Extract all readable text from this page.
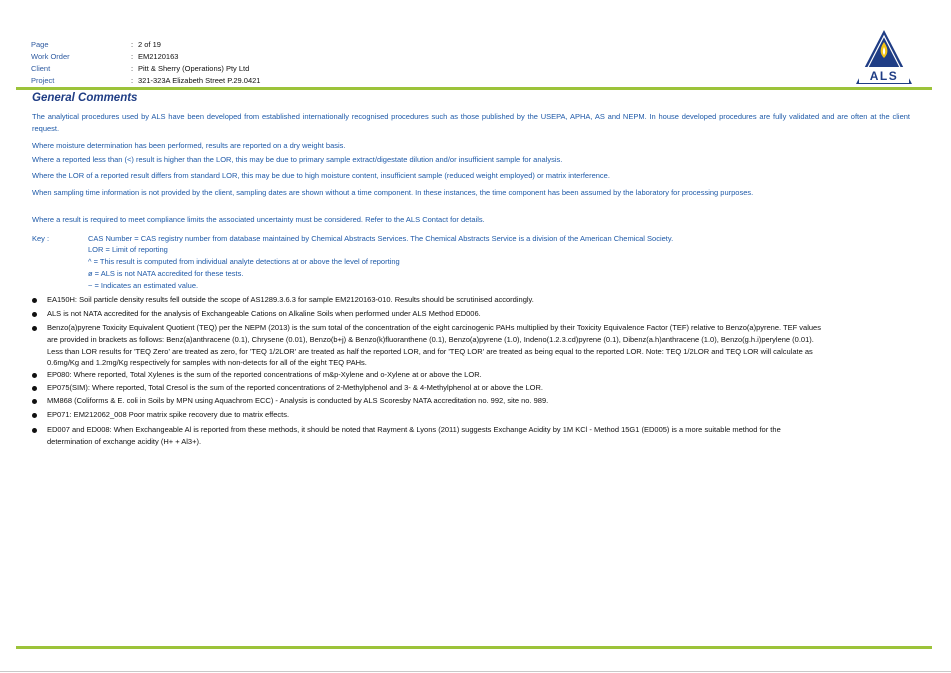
Page	: 2 of 19
Work Order	: EM2120163
Client	: Pitt & Sherry (Operations) Pty Ltd
Project	: 321-323A Elizabeth Street P.29.0421	ALS
General Comments
The analytical procedures used by ALS have been developed from established internationally recognised procedures such as those published by the USEPA, APHA, AS and NEPM. In house developed procedures are fully validated and are often at the client request.
Where moisture determination has been performed, results are reported on a dry weight basis.
Where a reported less than (<) result is higher than the LOR, this may be due to primary sample extract/digestate dilution and/or insufficient sample for analysis.
Where the LOR of a reported result differs from standard LOR, this may be due to high moisture content, insufficient sample (reduced weight employed) or matrix interference.
When sampling time information is not provided by the client, sampling dates are shown without a time component. In these instances, the time component has been assumed by the laboratory for processing purposes.
Where a result is required to meet compliance limits the associated uncertainty must be considered. Refer to the ALS Contact for details.
Key :	CAS Number = CAS registry number from database maintained by Chemical Abstracts Services. The Chemical Abstracts Service is a division of the American Chemical Society.
LOR = Limit of reporting
^ = This result is computed from individual analyte detections at or above the level of reporting
ø = ALS is not NATA accredited for these tests.
~ = Indicates an estimated value.
EA150H: Soil particle density results fell outside the scope of AS1289.3.6.3 for sample EM2120163-010. Results should be scrutinised accordingly.
ALS is not NATA accredited for the analysis of Exchangeable Cations on Alkaline Soils when performed under ALS Method ED006.
Benzo(a)pyrene Toxicity Equivalent Quotient (TEQ) per the NEPM (2013) is the sum total of the concentration of the eight carcinogenic PAHs multiplied by their Toxicity Equivalence Factor (TEF) relative to Benzo(a)pyrene. TEF values are provided in brackets as follows: Benz(a)anthracene (0.1), Chrysene (0.01), Benzo(b+j) & Benzo(k)fluoranthene (0.1), Benzo(a)pyrene (1.0), Indeno(1.2.3.cd)pyrene (0.1), Dibenz(a.h)anthracene (1.0), Benzo(g.h.i)perylene (0.01). Less than LOR results for 'TEQ Zero' are treated as zero, for 'TEQ 1/2LOR' are treated as half the reported LOR, and for 'TEQ LOR' are treated as being equal to the reported LOR. Note: TEQ 1/2LOR and TEQ LOR will calculate as 0.6mg/Kg and 1.2mg/Kg respectively for samples with non-detects for all of the eight TEQ PAHs.
EP080: Where reported, Total Xylenes is the sum of the reported concentrations of m&p-Xylene and o-Xylene at or above the LOR.
EP075(SIM): Where reported, Total Cresol is the sum of the reported concentrations of 2-Methylphenol and 3- & 4-Methylphenol at or above the LOR.
MM868 (Coliforms & E. coli in Soils by MPN using Aquachrom ECC) - Analysis is conducted by ALS Scoresby NATA accreditation no. 992, site no. 989.
EP071: EM212062_008 Poor matrix spike recovery due to matrix effects.
ED007 and ED008: When Exchangeable Al is reported from these methods, it should be noted that Rayment & Lyons (2011) suggests Exchange Acidity by 1M KCl - Method 15G1 (ED005) is a more suitable method for the determination of exchange acidity (H+ + Al3+).
